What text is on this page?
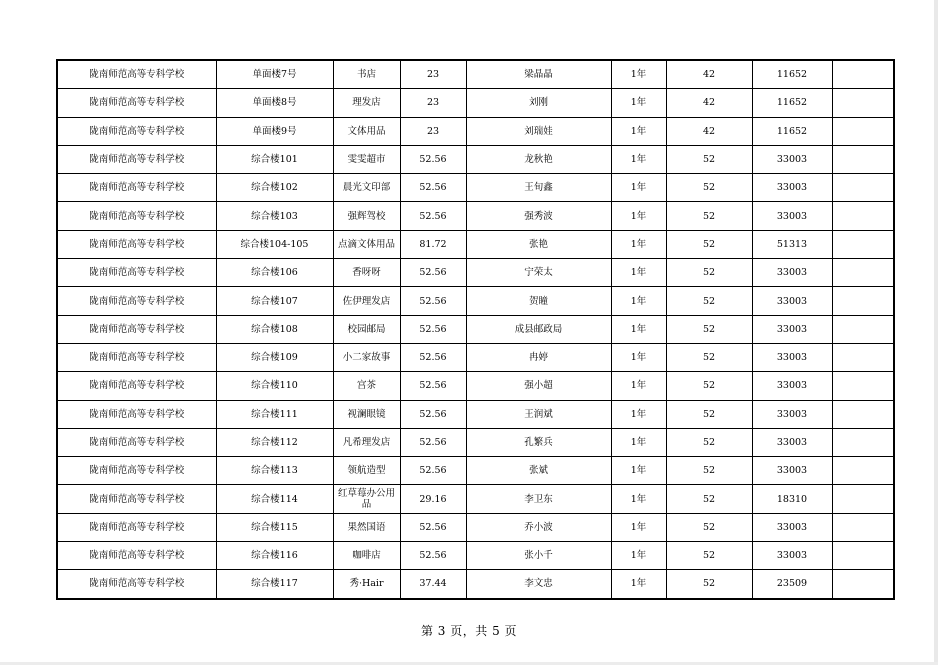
陇南师范高等专科学校	单面楼7号	书店	23	梁晶晶	1年	42	11652	
陇南师范高等专科学校	单面楼8号	理发店	23	刘刚	1年	42	11652	
陇南师范高等专科学校	单面楼9号	文体用品	23	刘瑞娃	1年	42	11652	
陇南师范高等专科学校	综合楼101	雯雯超市	52.56	龙秋艳	1年	52	33003	
陇南师范高等专科学校	综合楼102	晨光文印部	52.56	王旬鑫	1年	52	33003	
陇南师范高等专科学校	综合楼103	强辉驾校	52.56	强秀波	1年	52	33003	
陇南师范高等专科学校	综合楼104-105	点滴文体用品	81.72	张艳	1年	52	51313	
陇南师范高等专科学校	综合楼106	香呀呀	52.56	宁荣太	1年	52	33003	
陇南师范高等专科学校	综合楼107	佐伊理发店	52.56	贺瞳	1年	52	33003	
陇南师范高等专科学校	综合楼108	校园邮局	52.56	成县邮政局	1年	52	33003	
陇南师范高等专科学校	综合楼109	小二家故事	52.56	冉婷	1年	52	33003	
陇南师范高等专科学校	综合楼110	宫茶	52.56	强小超	1年	52	33003	
陇南师范高等专科学校	综合楼111	视澜眼镜	52.56	王润斌	1年	52	33003	
陇南师范高等专科学校	综合楼112	凡希理发店	52.56	孔繁兵	1年	52	33003	
陇南师范高等专科学校	综合楼113	领航造型	52.56	张斌	1年	52	33003	
陇南师范高等专科学校	综合楼114	红草莓办公用品	29.16	李卫东	1年	52	18310	
陇南师范高等专科学校	综合楼115	果然国语	52.56	乔小波	1年	52	33003	
陇南师范高等专科学校	综合楼116	咖啡店	52.56	张小千	1年	52	33003	
陇南师范高等专科学校	综合楼117	秀·Hair	37.44	李文忠	1年	52	23509	
第 3 页，共 5 页
